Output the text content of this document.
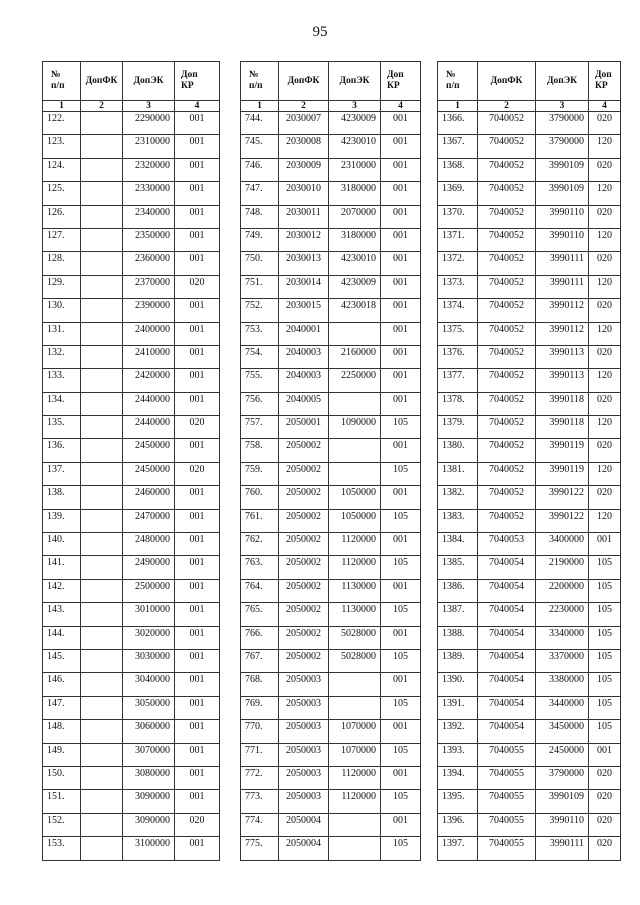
95
№
п/п	ДопФК	ДопЭК	Доп
КР
1	2	3	4
122.		2290000	001
123.		2310000	001
124.		2320000	001
125.		2330000	001
126.		2340000	001
127.		2350000	001
128.		2360000	001
129.		2370000	020
130.		2390000	001
131.		2400000	001
132.		2410000	001
133.		2420000	001
134.		2440000	001
135.		2440000	020
136.		2450000	001
137.		2450000	020
138.		2460000	001
139.		2470000	001
140.		2480000	001
141.		2490000	001
142.		2500000	001
143.		3010000	001
144.		3020000	001
145.		3030000	001
146.		3040000	001
147.		3050000	001
148.		3060000	001
149.		3070000	001
150.		3080000	001
151.		3090000	001
152.		3090000	020
153.		3100000	001
№
п/п	ДопФК	ДопЭК	Доп
КР
1	2	3	4
744.	2030007	4230009	001
745.	2030008	4230010	001
746.	2030009	2310000	001
747.	2030010	3180000	001
748.	2030011	2070000	001
749.	2030012	3180000	001
750.	2030013	4230010	001
751.	2030014	4230009	001
752.	2030015	4230018	001
753.	2040001		001
754.	2040003	2160000	001
755.	2040003	2250000	001
756.	2040005		001
757.	2050001	1090000	105
758.	2050002		001
759.	2050002		105
760.	2050002	1050000	001
761.	2050002	1050000	105
762.	2050002	1120000	001
763.	2050002	1120000	105
764.	2050002	1130000	001
765.	2050002	1130000	105
766.	2050002	5028000	001
767.	2050002	5028000	105
768.	2050003		001
769.	2050003		105
770.	2050003	1070000	001
771.	2050003	1070000	105
772.	2050003	1120000	001
773.	2050003	1120000	105
774.	2050004		001
775.	2050004		105
№
п/п	ДопФК	ДопЭК	Доп
КР
1	2	3	4
1366.	7040052	3790000	020
1367.	7040052	3790000	120
1368.	7040052	3990109	020
1369.	7040052	3990109	120
1370.	7040052	3990110	020
1371.	7040052	3990110	120
1372.	7040052	3990111	020
1373.	7040052	3990111	120
1374.	7040052	3990112	020
1375.	7040052	3990112	120
1376.	7040052	3990113	020
1377.	7040052	3990113	120
1378.	7040052	3990118	020
1379.	7040052	3990118	120
1380.	7040052	3990119	020
1381.	7040052	3990119	120
1382.	7040052	3990122	020
1383.	7040052	3990122	120
1384.	7040053	3400000	001
1385.	7040054	2190000	105
1386.	7040054	2200000	105
1387.	7040054	2230000	105
1388.	7040054	3340000	105
1389.	7040054	3370000	105
1390.	7040054	3380000	105
1391.	7040054	3440000	105
1392.	7040054	3450000	105
1393.	7040055	2450000	001
1394.	7040055	3790000	020
1395.	7040055	3990109	020
1396.	7040055	3990110	020
1397.	7040055	3990111	020
